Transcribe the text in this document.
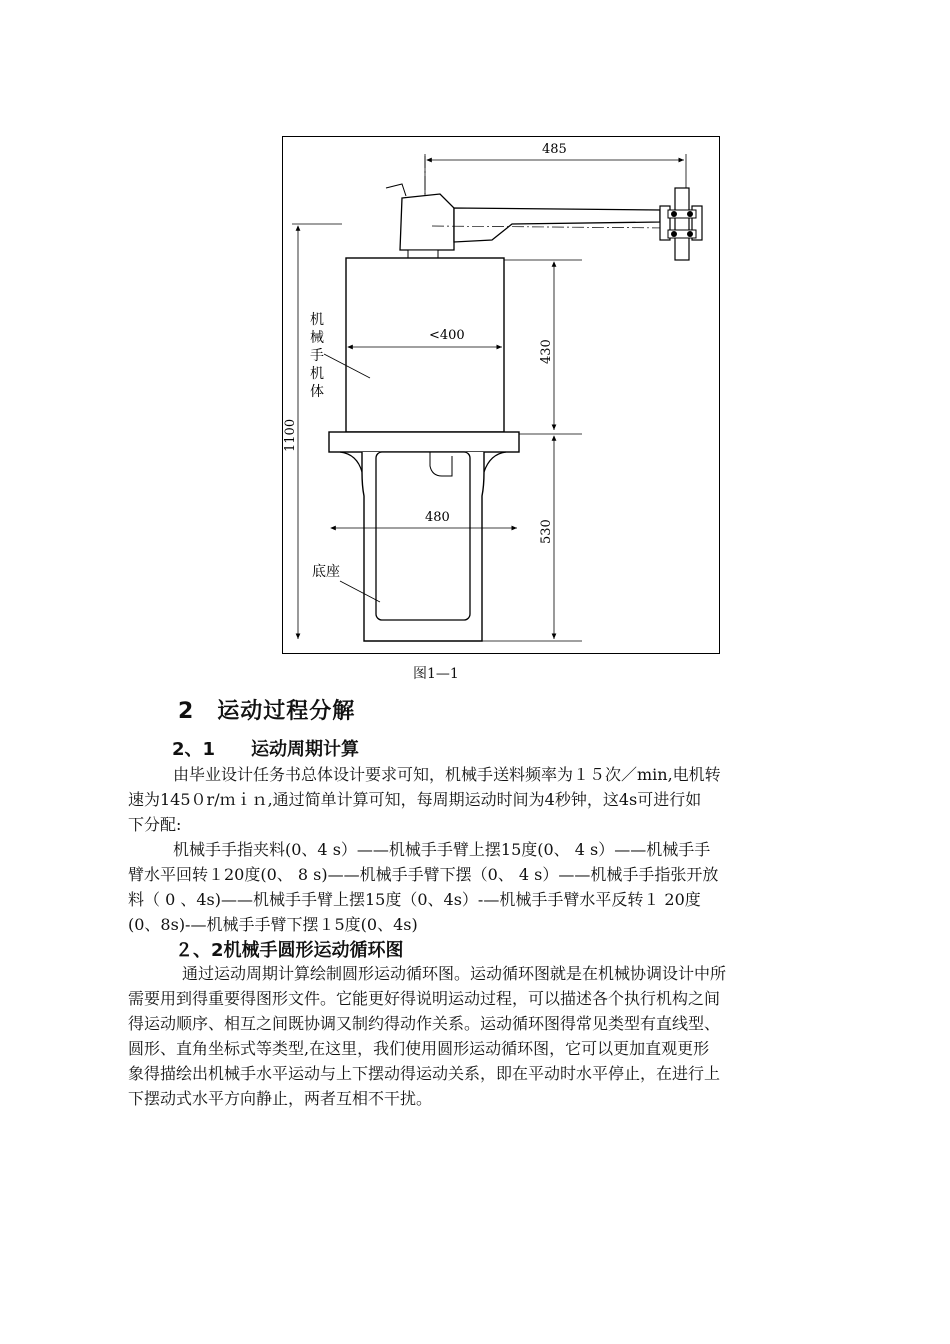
485
<400
机
械
手
机
体
480
底座
430
530
1100
图1—1
2　运动过程分解
2、1　　运动周期计算
由毕业设计任务书总体设计要求可知，机械手送料频率为１５次／min,电机转
速为145０r/ｍｉｎ,通过简单计算可知，每周期运动时间为4秒钟，这4s可进行如
下分配:
机械手手指夹料(0、4 s）——机械手手臂上摆15度(0、 4 s）——机械手手
臂水平回转１20度(0、 8 s)——机械手手臂下摆（0、 4 s）——机械手手指张开放
料（ 0 、4s)——机械手手臂上摆15度（0、4s）-—机械手手臂水平反转１ 20度
(0、8s)-—机械手手臂下摆１5度(0、4s)
２、2机械手圆形运动循环图
通过运动周期计算绘制圆形运动循环图。运动循环图就是在机械协调设计中所
需要用到得重要得图形文件。它能更好得说明运动过程，可以描述各个执行机构之间
得运动顺序、相互之间既协调又制约得动作关系。运动循环图得常见类型有直线型、
圆形、直角坐标式等类型,在这里，我们使用圆形运动循环图，它可以更加直观更形
象得描绘出机械手水平运动与上下摆动得运动关系，即在平动时水平停止，在进行上
下摆动式水平方向静止，两者互相不干扰。
